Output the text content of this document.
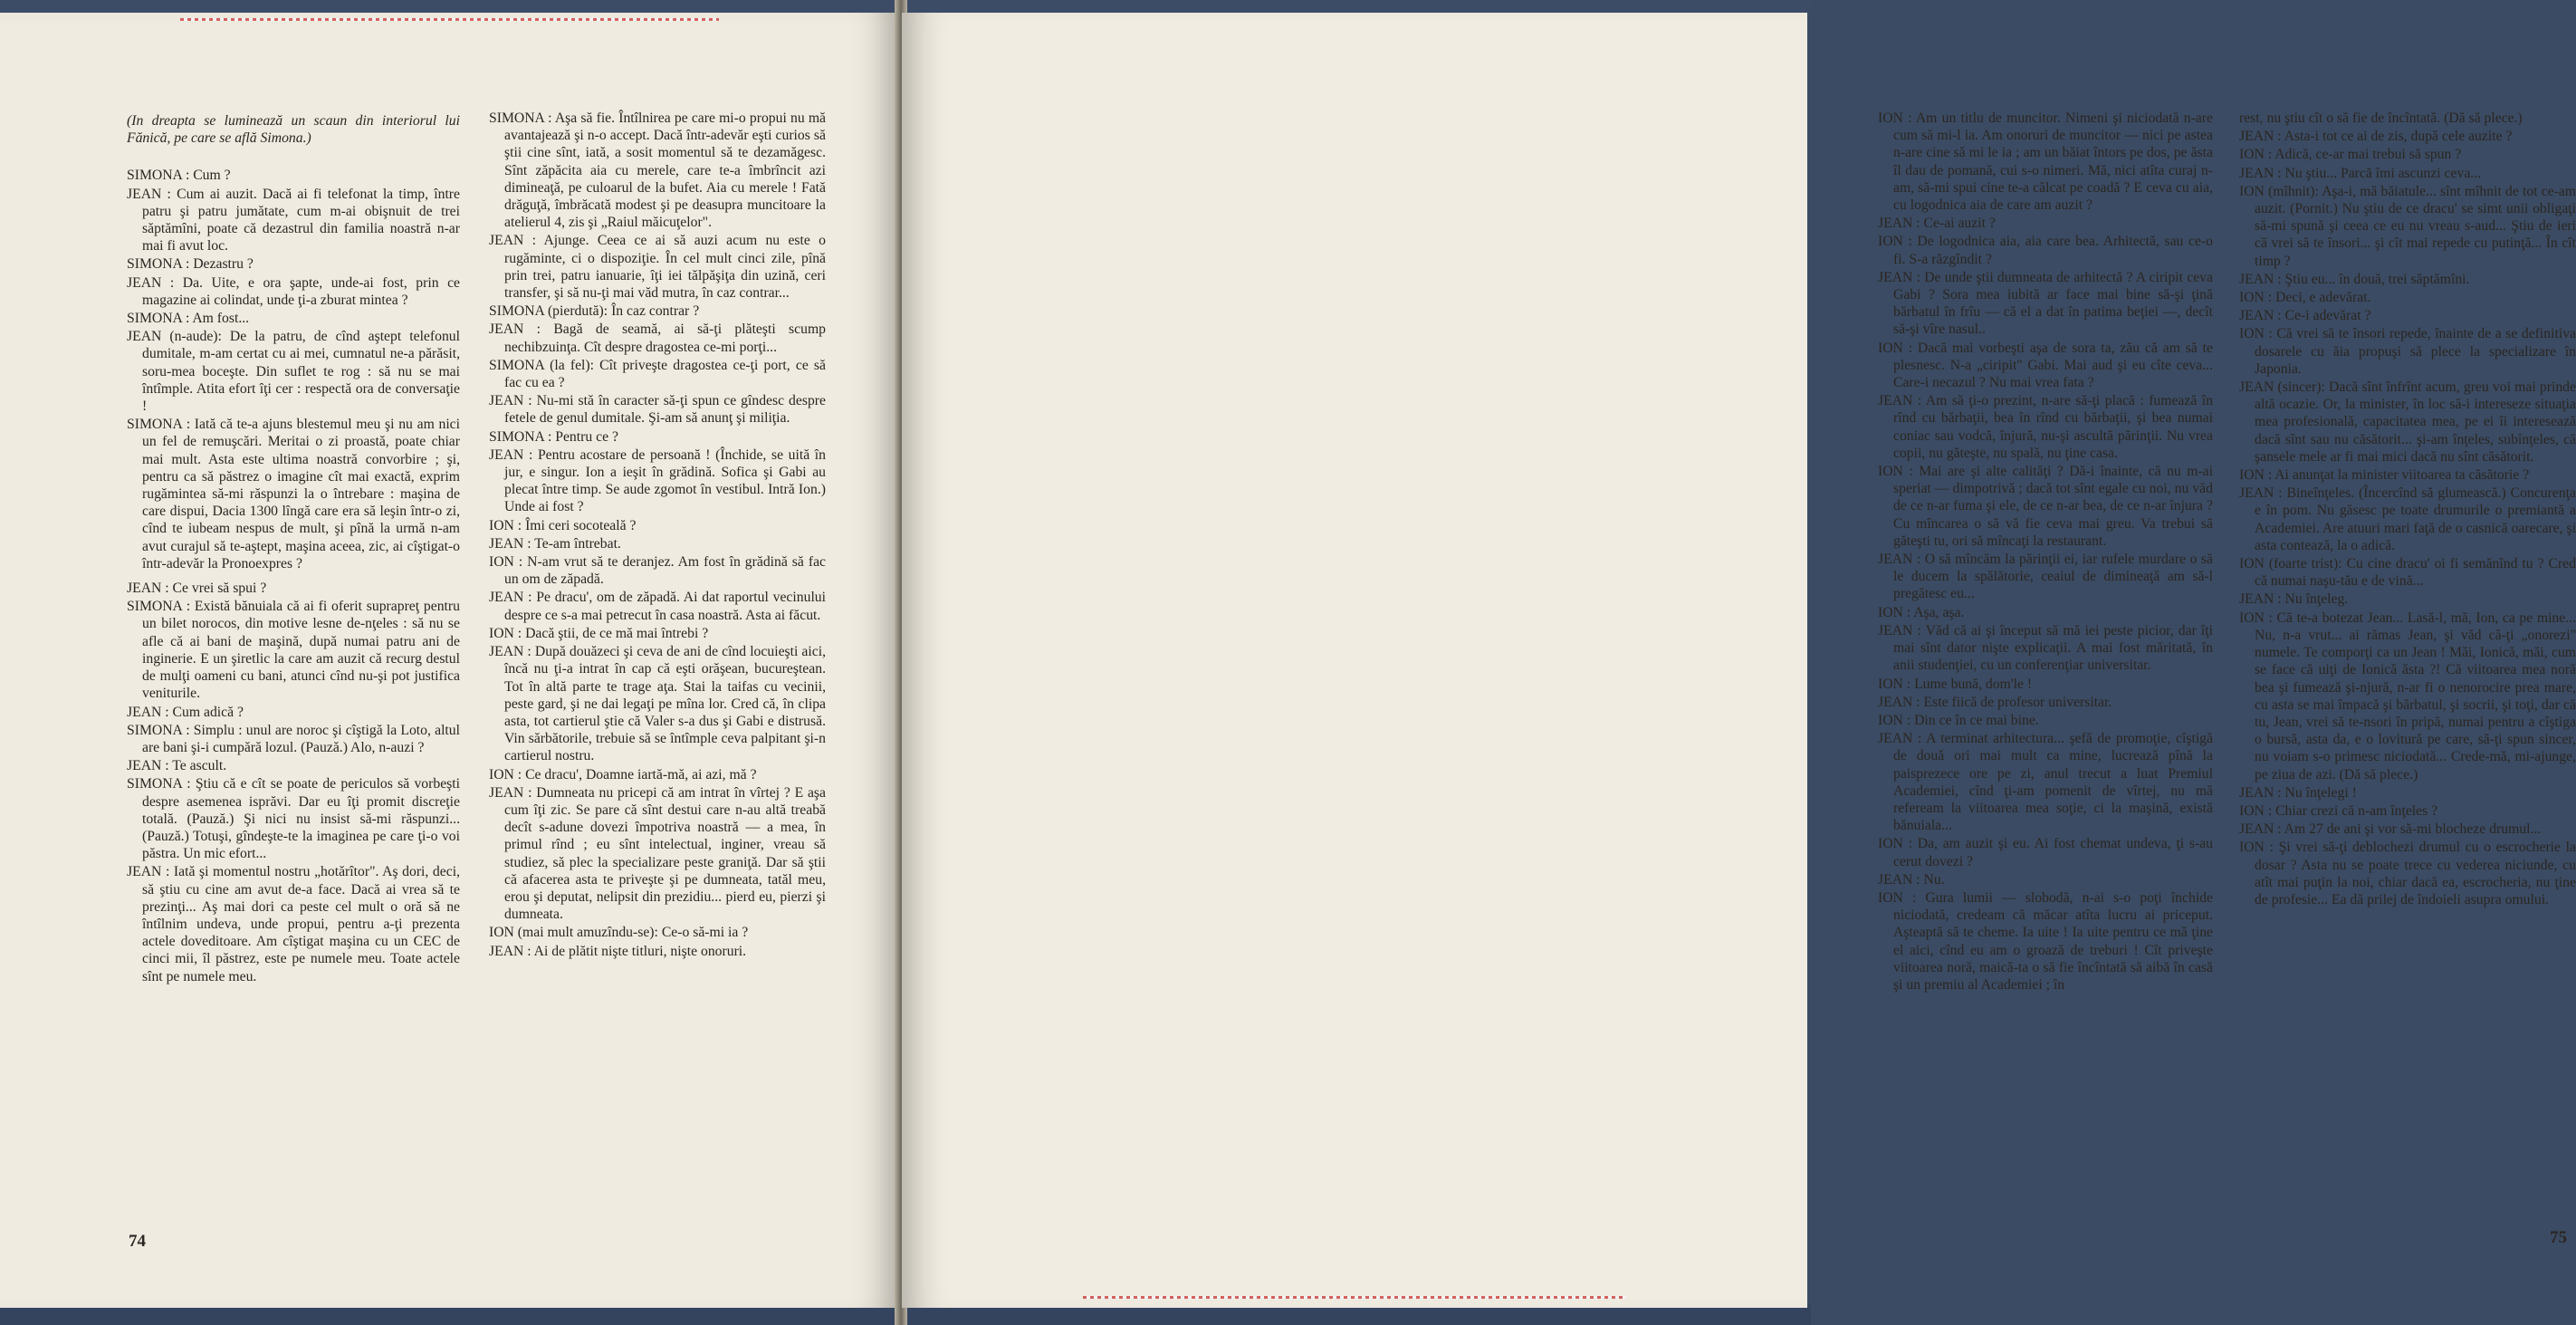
(In dreapta se luminează un scaun din interiorul lui Fănică, pe care se află Simona.)

SIMONA : Cum ?

JEAN : Cum ai auzit. Dacă ai fi telefonat la timp, între patru şi patru jumătate, cum m-ai obişnuit de trei săptămîni, poate că dezastrul din familia noastră n-ar mai fi avut loc.

SIMONA : Dezastru ?

JEAN : Da. Uite, e ora şapte, unde-ai fost, prin ce magazine ai colindat, unde ţi-a zburat mintea ?

SIMONA : Am fost...

JEAN (n-aude): De la patru, de cînd aştept telefonul dumitale, m-am certat cu ai mei, cumnatul ne-a părăsit, soru-mea boceşte. Din suflet te rog : să nu se mai întîmple. Atita efort îţi cer : respectă ora de conversaţie !

SIMONA : Iată că te-a ajuns blestemul meu şi nu am nici un fel de remuşcări. Meritai o zi proastă, poate chiar mai mult. Asta este ultima noastră convorbire ; şi, pentru ca să păstrez o imagine cît mai exactă, exprim rugămintea să-mi răspunzi la o întrebare : maşina de care dispui, Dacia 1300 lîngă care era să leşin într-o zi, cînd te iubeam nespus de mult, şi pînă la urmă n-am avut curajul să te-aştept, maşina aceea, zic, ai cîştigat-o într-adevăr la Pronoexpres ?

JEAN : Ce vrei să spui ?

SIMONA : Există bănuiala că ai fi oferit suprapreţ pentru un bilet norocos, din motive lesne de-nţeles : să nu se afle că ai bani de maşină, după numai patru ani de inginerie. E un şiretlic la care am auzit că recurg destul de mulţi oameni cu bani, atunci cînd nu-şi pot justifica veniturile.

JEAN : Cum adică ?

SIMONA : Simplu : unul are noroc şi cîştigă la Loto, altul are bani şi-i cumpără lozul. (Pauză.) Alo, n-auzi ?

JEAN : Te ascult.

SIMONA : Ştiu că e cît se poate de periculos să vorbeşti despre asemenea isprăvi. Dar eu îţi promit discreţie totală. (Pauză.) Şi nici nu insist să-mi răspunzi... (Pauză.) Totuşi, gîndeşte-te la imaginea pe care ţi-o voi păstra. Un mic efort...

JEAN : Iată şi momentul nostru „hotărîtor". Aş dori, deci, să ştiu cu cine am avut de-a face. Dacă ai vrea să te prezinţi... Aş mai dori ca peste cel mult o oră să ne întîlnim undeva, unde propui, pentru a-ţi prezenta actele doveditoare. Am cîştigat maşina cu un CEC de cinci mii, îl păstrez, este pe numele meu. Toate actele sînt pe numele meu.

SIMONA : Aşa să fie. Întîlnirea pe care mi-o propui nu mă avantajează şi n-o accept. Dacă într-adevăr eşti curios să ştii cine sînt, iată, a sosit momentul să te dezamăgesc. Sînt zăpăcita aia cu merele, care te-a îmbrîncit azi dimineaţă, pe culoarul de la bufet. Aia cu merele ! Fată drăguţă, îmbrăcată modest şi pe deasupra muncitoare la atelierul 4, zis şi „Raiul măicuţelor".

JEAN : Ajunge. Ceea ce ai să auzi acum nu este o rugăminte, ci o dispoziţie. În cel mult cinci zile, pînă prin trei, patru ianuarie, îţi iei tălpăşiţa din uzină, ceri transfer, şi să nu-ţi mai văd mutra, în caz contrar...

SIMONA (pierdută): În caz contrar ?

JEAN : Bagă de seamă, ai să-ţi plăteşti scump nechibzuinţa. Cît despre dragostea ce-mi porţi...

SIMONA (la fel): Cît priveşte dragostea ce-ţi port, ce să fac cu ea ?

JEAN : Nu-mi stă în caracter să-ţi spun ce gîndesc despre fetele de genul dumitale. Şi-am să anunţ şi miliţia.

SIMONA : Pentru ce ?

JEAN : Pentru acostare de persoană ! (Închide, se uită în jur, e singur. Ion a ieşit în grădină. Sofica şi Gabi au plecat între timp. Se aude zgomot în vestibul. Intră Ion.) Unde ai fost ?

ION : Îmi ceri socoteală ?

JEAN : Te-am întrebat.

ION : N-am vrut să te deranjez. Am fost în grădină să fac un om de zăpadă.

JEAN : Pe dracu', om de zăpadă. Ai dat raportul vecinului despre ce s-a mai petrecut în casa noastră. Asta ai făcut.

ION : Dacă ştii, de ce mă mai întrebi ?

JEAN : După douăzeci şi ceva de ani de cînd locuieşti aici, încă nu ţi-a intrat în cap că eşti orăşean, bucureştean. Tot în altă parte te trage aţa. Stai la taifas cu vecinii, peste gard, şi ne dai legaţi pe mîna lor. Cred că, în clipa asta, tot cartierul ştie că Valer s-a dus şi Gabi e distrusă. Vin sărbătorile, trebuie să se întîmple ceva palpitant şi-n cartierul nostru.

ION : Ce dracu', Doamne iartă-mă, ai azi, mă ?

JEAN : Dumneata nu pricepi că am intrat în vîrtej ? E aşa cum îţi zic. Se pare că sînt destui care n-au altă treabă decît s-adune dovezi împotriva noastră — a mea, în primul rînd ; eu sînt intelectual, inginer, vreau să studiez, să plec la specializare peste graniţă. Dar să ştii că afacerea asta te priveşte şi pe dumneata, tatăl meu, erou şi deputat, nelipsit din prezidiu... pierd eu, pierzi şi dumneata.

ION (mai mult amuzîndu-se): Ce-o să-mi ia ?

JEAN : Ai de plătit nişte titluri, nişte onoruri.

74

ION : Am un titlu de muncitor. Nimeni şi niciodată n-are cum să mi-l ia. Am onoruri de muncitor — nici pe astea n-are cine să mi le ia ; am un băiat întors pe dos, pe ăsta îl dau de pomană, cui s-o nimeri. Mă, nici atîta curaj n-am, să-mi spui cine te-a călcat pe coadă ? E ceva cu aia, cu logodnica aia de care am auzit ?

JEAN : Ce-ai auzit ?

ION : De logodnica aia, aia care bea. Arhitectă, sau ce-o fi. S-a răzgîndit ?

JEAN : De unde ştii dumneata de arhitectă ? A ciripit ceva Gabi ? Sora mea iubită ar face mai bine să-şi ţină bărbatul în frîu — că el a dat în patima beţiei —, decît să-şi vîre nasul..

ION : Dacă mai vorbeşti aşa de sora ta, zău că am să te plesnesc. N-a „ciripit" Gabi. Mai aud şi eu cîte ceva... Care-i necazul ? Nu mai vrea fata ?

JEAN : Am să ţi-o prezint, n-are să-ţi placă : fumează în rînd cu bărbaţii, bea în rînd cu bărbaţii, şi bea numai coniac sau vodcă, înjură, nu-şi ascultă părinţii. Nu vrea copii, nu găteşte, nu spală, nu ţine casa.

ION : Mai are şi alte calităţi ? Dă-i înainte, că nu m-ai speriat — dimpotrivă ; dacă tot sînt egale cu noi, nu văd de ce n-ar fuma şi ele, de ce n-ar bea, de ce n-ar înjura ? Cu mîncarea o să vă fie ceva mai greu. Va trebui să găteşti tu, ori să mîncaţi la restaurant.

JEAN : O să mîncăm la părinţii ei, iar rufele murdare o să le ducem la spălătorie, ceaiul de dimineaţă am să-l pregătesc eu...

ION : Aşa, aşa.

JEAN : Văd că ai şi început să mă iei peste picior, dar îţi mai sînt dator nişte explicaţii. A mai fost măritată, în anii studenţiei, cu un conferenţiar universitar.

ION : Lume bună, dom'le !

JEAN : Este fiică de profesor universitar.

ION : Din ce în ce mai bine.

JEAN : A terminat arhitectura... şefă de promoţie, cîştigă de două ori mai mult ca mine, lucrează pînă la paisprezece ore pe zi, anul trecut a luat Premiul Academiei, cînd ţi-am pomenit de vîrtej, nu mă refeream la viitoarea mea soţie, ci la maşină, există bănuiala...

ION : Da, am auzit şi eu. Ai fost chemat undeva, ţi s-au cerut dovezi ?

JEAN : Nu.

ION : Gura lumii — slobodă, n-ai s-o poţi închide niciodată, credeam că măcar atîta lucru ai priceput. Aşteaptă să te cheme. Ia uite ! Ia uite pentru ce mă ţine el aici, cînd eu am o groază de treburi ! Cît priveşte viitoarea noră, maică-ta o să fie încîntată să aibă în casă şi un premiu al Academiei ; în

rest, nu ştiu cît o să fie de încîntată. (Dă să plece.)

JEAN : Asta-i tot ce ai de zis, după cele auzite ?

ION : Adică, ce-ar mai trebui să spun ?

JEAN : Nu ştiu... Parcă îmi ascunzi ceva...

ION (mîhnit): Aşa-i, mă băiatule... sînt mîhnit de tot ce-am auzit. (Pornit.) Nu ştiu de ce dracu' se simt unii obligaţi să-mi spună şi ceea ce eu nu vreau s-aud... Ştiu de ieri că vrei să te însori... şi cît mai repede cu putinţă... În cît timp ?

JEAN : Ştiu eu... în două, trei săptămîni.

ION : Deci, e adevărat.

JEAN : Ce-i adevărat ?

ION : Că vrei să te însori repede, înainte de a se definitiva dosarele cu ăia propuşi să plece la specializare în Japonia.

JEAN (sincer): Dacă sînt înfrînt acum, greu voi mai prinde altă ocazie. Or, la minister, în loc să-i intereseze situaţia mea profesională, capacitatea mea, pe ei îi interesează dacă sînt sau nu căsătorit... şi-am înţeles, subînţeles, că şansele mele ar fi mai mici dacă nu sînt căsătorit.

ION : Ai anunţat la minister viitoarea ta căsătorie ?

JEAN : Bineînţeles. (Încercînd să glumească.) Concurenţa e în pom. Nu găsesc pe toate drumurile o premiantă a Academiei. Are atuuri mari faţă de o casnică oarecare, şi asta contează, la o adică.

ION (foarte trist): Cu cine dracu' oi fi semănînd tu ? Cred că numai naşu-tău e de vină...

JEAN : Nu înţeleg.

ION : Că te-a botezat Jean... Lasă-l, mă, Ion, ca pe mine... Nu, n-a vrut... ai rămas Jean, şi văd că-ţi „onorezi" numele. Te comporţi ca un Jean ! Măi, Ionică, măi, cum se face că uiţi de Ionică ăsta ?! Că viitoarea mea noră bea şi fumează şi-njură, n-ar fi o nenorocire prea mare, cu asta se mai împacă şi bărbatul, şi socrii, şi toţi, dar că tu, Jean, vrei să te-nsori în pripă, numai pentru a cîştiga o bursă, asta da, e o lovitură pe care, să-ţi spun sincer, nu voiam s-o primesc niciodată... Crede-mă, mi-ajunge, pe ziua de azi. (Dă să plece.)

JEAN : Nu înţelegi !

ION : Chiar crezi că n-am înţeles ?

JEAN : Am 27 de ani şi vor să-mi blocheze drumul...

ION : Şi vrei să-ţi deblochezi drumul cu o escrocherie la dosar ? Asta nu se poate trece cu vederea niciunde, cu atît mai puţin la noi, chiar dacă ea, escrocheria, nu ţine de profesie... Ea dă prilej de îndoieli asupra omului.

75
